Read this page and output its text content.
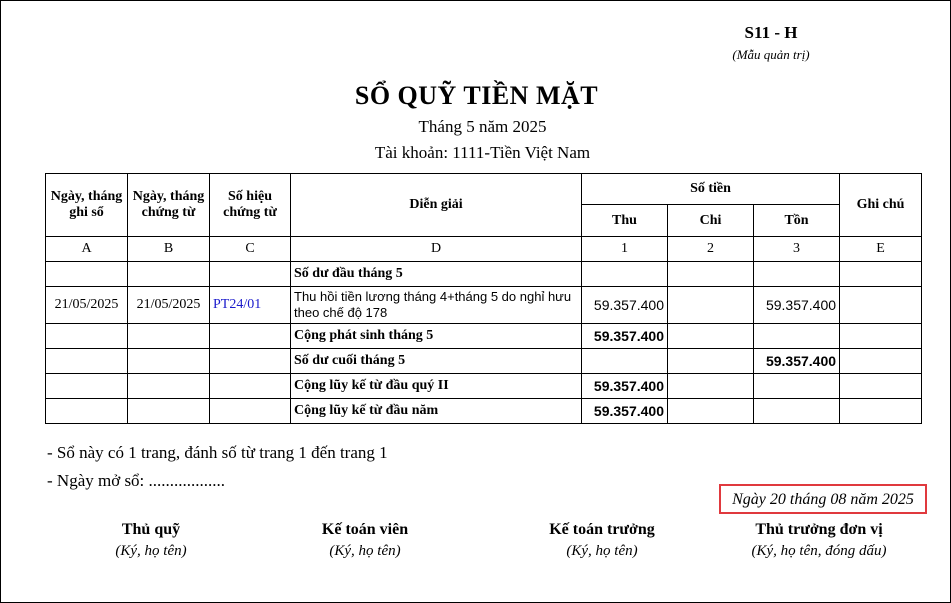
S11 - H
(Mẫu quản trị)
SỔ QUỸ TIỀN MẶT
Tháng 5 năm 2025
Tài khoản: 1111-Tiền Việt Nam
Ngày, tháng ghi sổ	Ngày, tháng chứng từ	Số hiệu chứng từ	Diễn giải	Số tiền			Ghi chú
				Thu	Chi	Tồn	
A	B	C	D	1	2	3	E
			Số dư đầu tháng 5				
21/05/2025	21/05/2025	PT24/01	Thu hồi tiền lương tháng 4+tháng 5 do nghỉ hưu theo chế độ 178	59.357.400		59.357.400	
			Cộng phát sinh tháng 5	59.357.400			
			Số dư cuối tháng 5			59.357.400	
			Cộng lũy kế từ đầu quý II	59.357.400			
			Cộng lũy kế từ đầu năm	59.357.400			
- Sổ này có 1 trang, đánh số từ trang 1 đến trang 1
- Ngày mở sổ: ..................
Ngày 20 tháng 08 năm 2025
Thủ quỹ
(Ký, họ tên)
Kế toán viên
(Ký, họ tên)
Kế toán trưởng
(Ký, họ tên)
Thủ trưởng đơn vị
(Ký, họ tên, đóng dấu)
